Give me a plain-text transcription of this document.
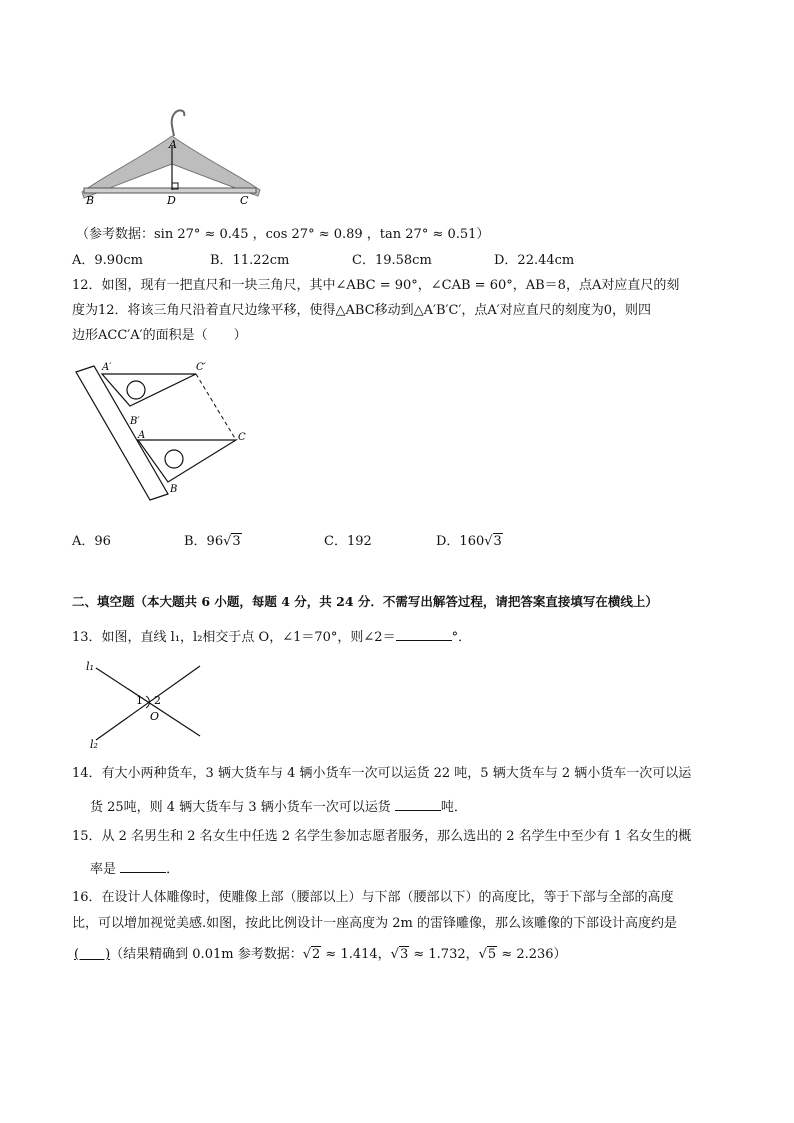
A
B	D	C
（参考数据：sin 27° ≈ 0.45 ，cos 27° ≈ 0.89 ，tan 27° ≈ 0.51）
A．9.90cm	B．11.22cm	C．19.58cm	D．22.44cm
12．如图，现有一把直尺和一块三角尺，其中∠ABC = 90°，∠CAB = 60°，AB＝8，点A对应直尺的刻
度为12．将该三角尺沿着直尺边缘平移，使得△ABC移动到△A′B′C′，点A′对应直尺的刻度为0，则四
边形ACC′A′的面积是（　　）
A′	C′
B′
A	C
B
A．96	B．96√3	C．192	D．160√3
二、填空题（本大题共 6 小题，每题 4 分，共 24 分．不需写出解答过程，请把答案直接填写在横线上）
13．如图，直线 l₁，l₂相交于点 O，∠1＝70°，则∠2＝	°．
l₁
l₂
1 2
O
14．有大小两种货车，3 辆大货车与 4 辆小货车一次可以运货 22 吨，5 辆大货车与 2 辆小货车一次可以运
货 25吨，则 4 辆大货车与 3 辆小货车一次可以运货	吨．
15．从 2 名男生和 2 名女生中任选 2 名学生参加志愿者服务，那么选出的 2 名学生中至少有 1 名女生的概
率是	．
16．在设计人体雕像时，使雕像上部（腰部以上）与下部（腰部以下）的高度比，等于下部与全部的高度
比，可以增加视觉美感.如图，按此比例设计一座高度为 2m 的雷锋雕像，那么该雕像的下部设计高度约是
(　　)（结果精确到 0.01m 参考数据：√2 ≈ 1.414，√3 ≈ 1.732，√5 ≈ 2.236）
